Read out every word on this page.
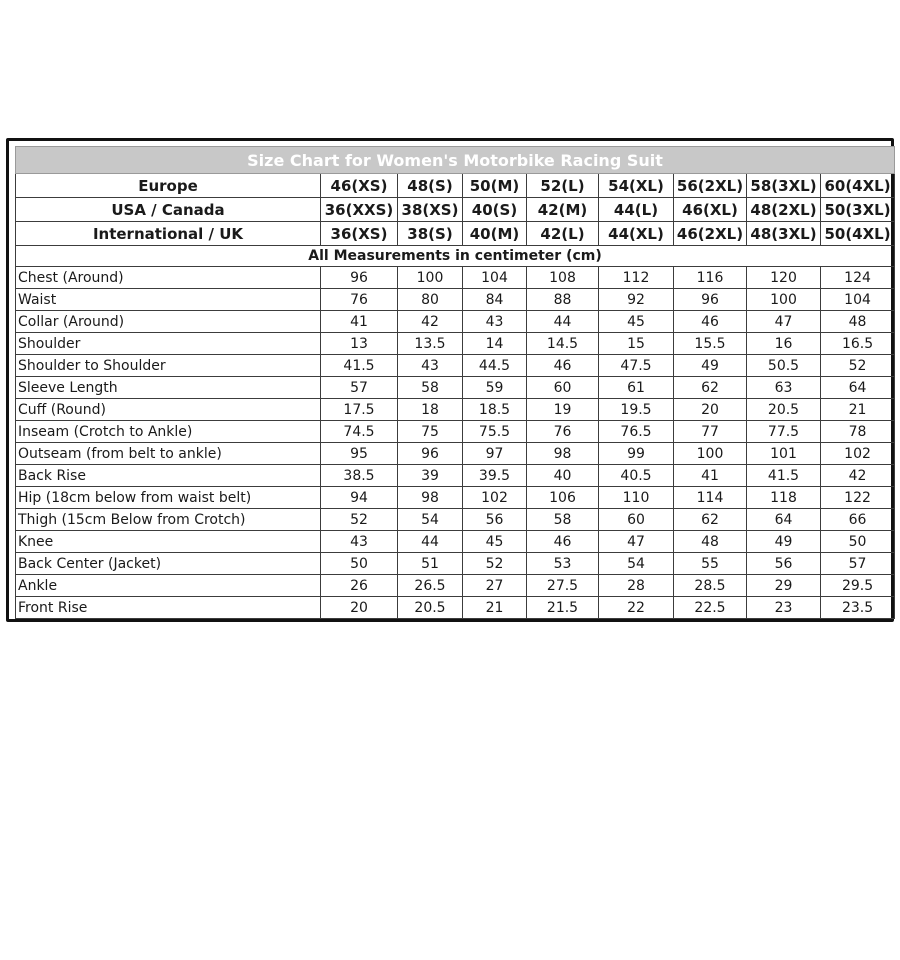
Size Chart for Women's Motorbike Racing Suit								
Europe	46(XS)	48(S)	50(M)	52(L)	54(XL)	56(2XL)	58(3XL)	60(4XL)
USA / Canada	36(XXS)	38(XS)	40(S)	42(M)	44(L)	46(XL)	48(2XL)	50(3XL)
International / UK	36(XS)	38(S)	40(M)	42(L)	44(XL)	46(2XL)	48(3XL)	50(4XL)
All Measurements in centimeter (cm)								
Chest (Around)	96	100	104	108	112	116	120	124
Waist	76	80	84	88	92	96	100	104
Collar (Around)	41	42	43	44	45	46	47	48
Shoulder	13	13.5	14	14.5	15	15.5	16	16.5
Shoulder to Shoulder	41.5	43	44.5	46	47.5	49	50.5	52
Sleeve Length	57	58	59	60	61	62	63	64
Cuff (Round)	17.5	18	18.5	19	19.5	20	20.5	21
Inseam (Crotch to Ankle)	74.5	75	75.5	76	76.5	77	77.5	78
Outseam (from belt to ankle)	95	96	97	98	99	100	101	102
Back Rise	38.5	39	39.5	40	40.5	41	41.5	42
Hip (18cm below from waist belt)	94	98	102	106	110	114	118	122
Thigh (15cm Below from Crotch)	52	54	56	58	60	62	64	66
Knee	43	44	45	46	47	48	49	50
Back Center (Jacket)	50	51	52	53	54	55	56	57
Ankle	26	26.5	27	27.5	28	28.5	29	29.5
Front Rise	20	20.5	21	21.5	22	22.5	23	23.5
